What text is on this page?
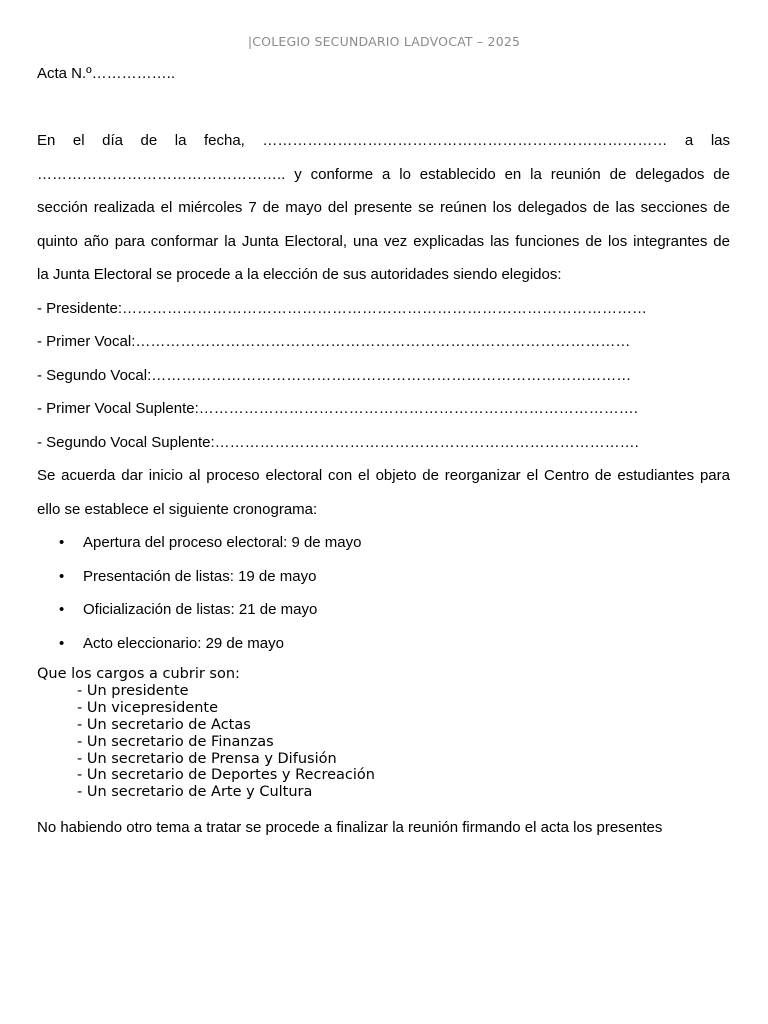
|COLEGIO SECUNDARIO LADVOCAT – 2025
Acta N.º……………..
En el día de la fecha, ……………………………………………………………………… a las
………………………………………….. y conforme a lo establecido en la reunión de delegados de
sección realizada el miércoles 7 de mayo del presente se reúnen los delegados de las secciones de
quinto año para conformar la Junta Electoral, una vez explicadas las funciones de los integrantes de
la Junta Electoral se procede a la elección de sus autoridades siendo elegidos:
- Presidente:……………………………………………………………………………………………
- Primer Vocal:………………………………………………………………………………………
- Segundo Vocal:……………………………………………………………………………………
- Primer Vocal Suplente:…………………………………………………………………………….
- Segundo Vocal Suplente:………………………………………………………………………….
Se acuerda dar inicio al proceso electoral con el objeto de reorganizar el Centro de estudiantes para
ello se establece el siguiente cronograma:
• Apertura del proceso electoral: 9 de mayo
• Presentación de listas: 19 de mayo
• Oficialización de listas: 21 de mayo
• Acto eleccionario: 29 de mayo
Que los cargos a cubrir son:
- Un presidente
- Un vicepresidente
- Un secretario de Actas
- Un secretario de Finanzas
- Un secretario de Prensa y Difusión
- Un secretario de Deportes y Recreación
- Un secretario de Arte y Cultura
No habiendo otro tema a tratar se procede a finalizar la reunión firmando el acta los presentes
